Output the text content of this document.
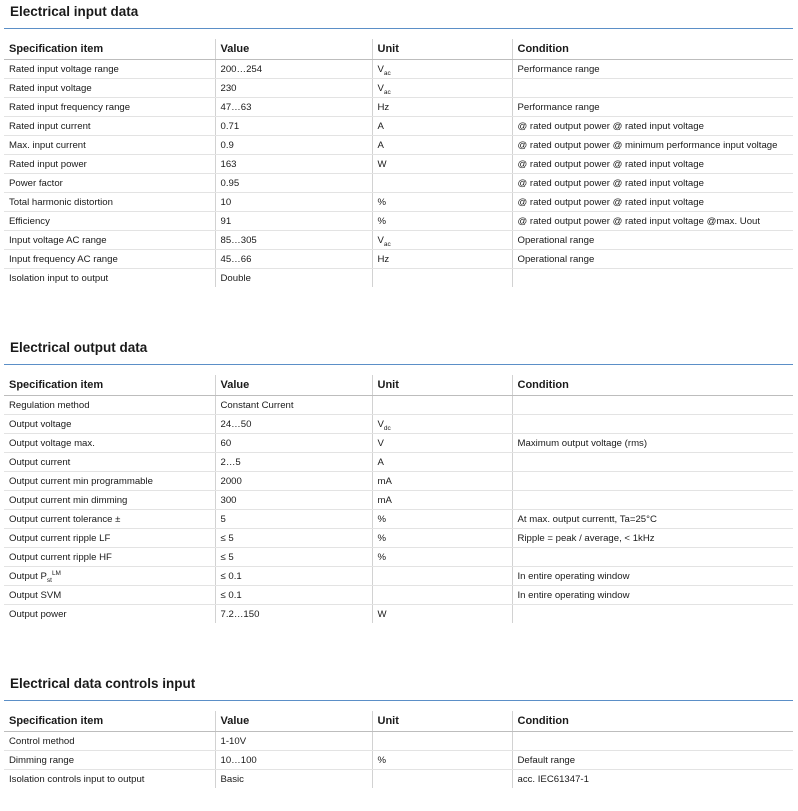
Electrical input data
Specification item	Value	Unit	Condition
Rated input voltage range	200…254	$V_{ac}$	Performance range
Rated input voltage	230	$V_{ac}$	
Rated input frequency range	47…63	Hz	Performance range
Rated input current	0.71	A	@ rated output power @ rated input voltage
Max. input current	0.9	A	@ rated output power @ minimum performance input voltage
Rated input power	163	W	@ rated output power @ rated input voltage
Power factor	0.95		@ rated output power @ rated input voltage
Total harmonic distortion	10	%	@ rated output power @ rated input voltage
Efficiency	91	%	@ rated output power @ rated input voltage @max. Uout
Input voltage AC range	85…305	$V_{ac}$	Operational range
Input frequency AC range	45…66	Hz	Operational range
Isolation input to output	Double		
Electrical output data
Specification item	Value	Unit	Condition
Regulation method	Constant Current		
Output voltage	24…50	$V_{dc}$	
Output voltage max.	60	V	Maximum output voltage (rms)
Output current	2…5	A	
Output current min programmable	2000	mA	
Output current min dimming	300	mA	
Output current tolerance ±	5	%	At max. output currentt, Ta=25°C
Output current ripple LF	≤ 5	%	Ripple = peak / average, < 1kHz
Output current ripple HF	≤ 5	%	
Output $P_{st}^{LM}$	≤ 0.1		In entire operating window
Output SVM	≤ 0.1		In entire operating window
Output power	7.2…150	W	
Electrical data controls input
Specification item	Value	Unit	Condition
Control method	1-10V		
Dimming range	10…100	%	Default range
Isolation controls input to output	Basic		acc. IEC61347-1
